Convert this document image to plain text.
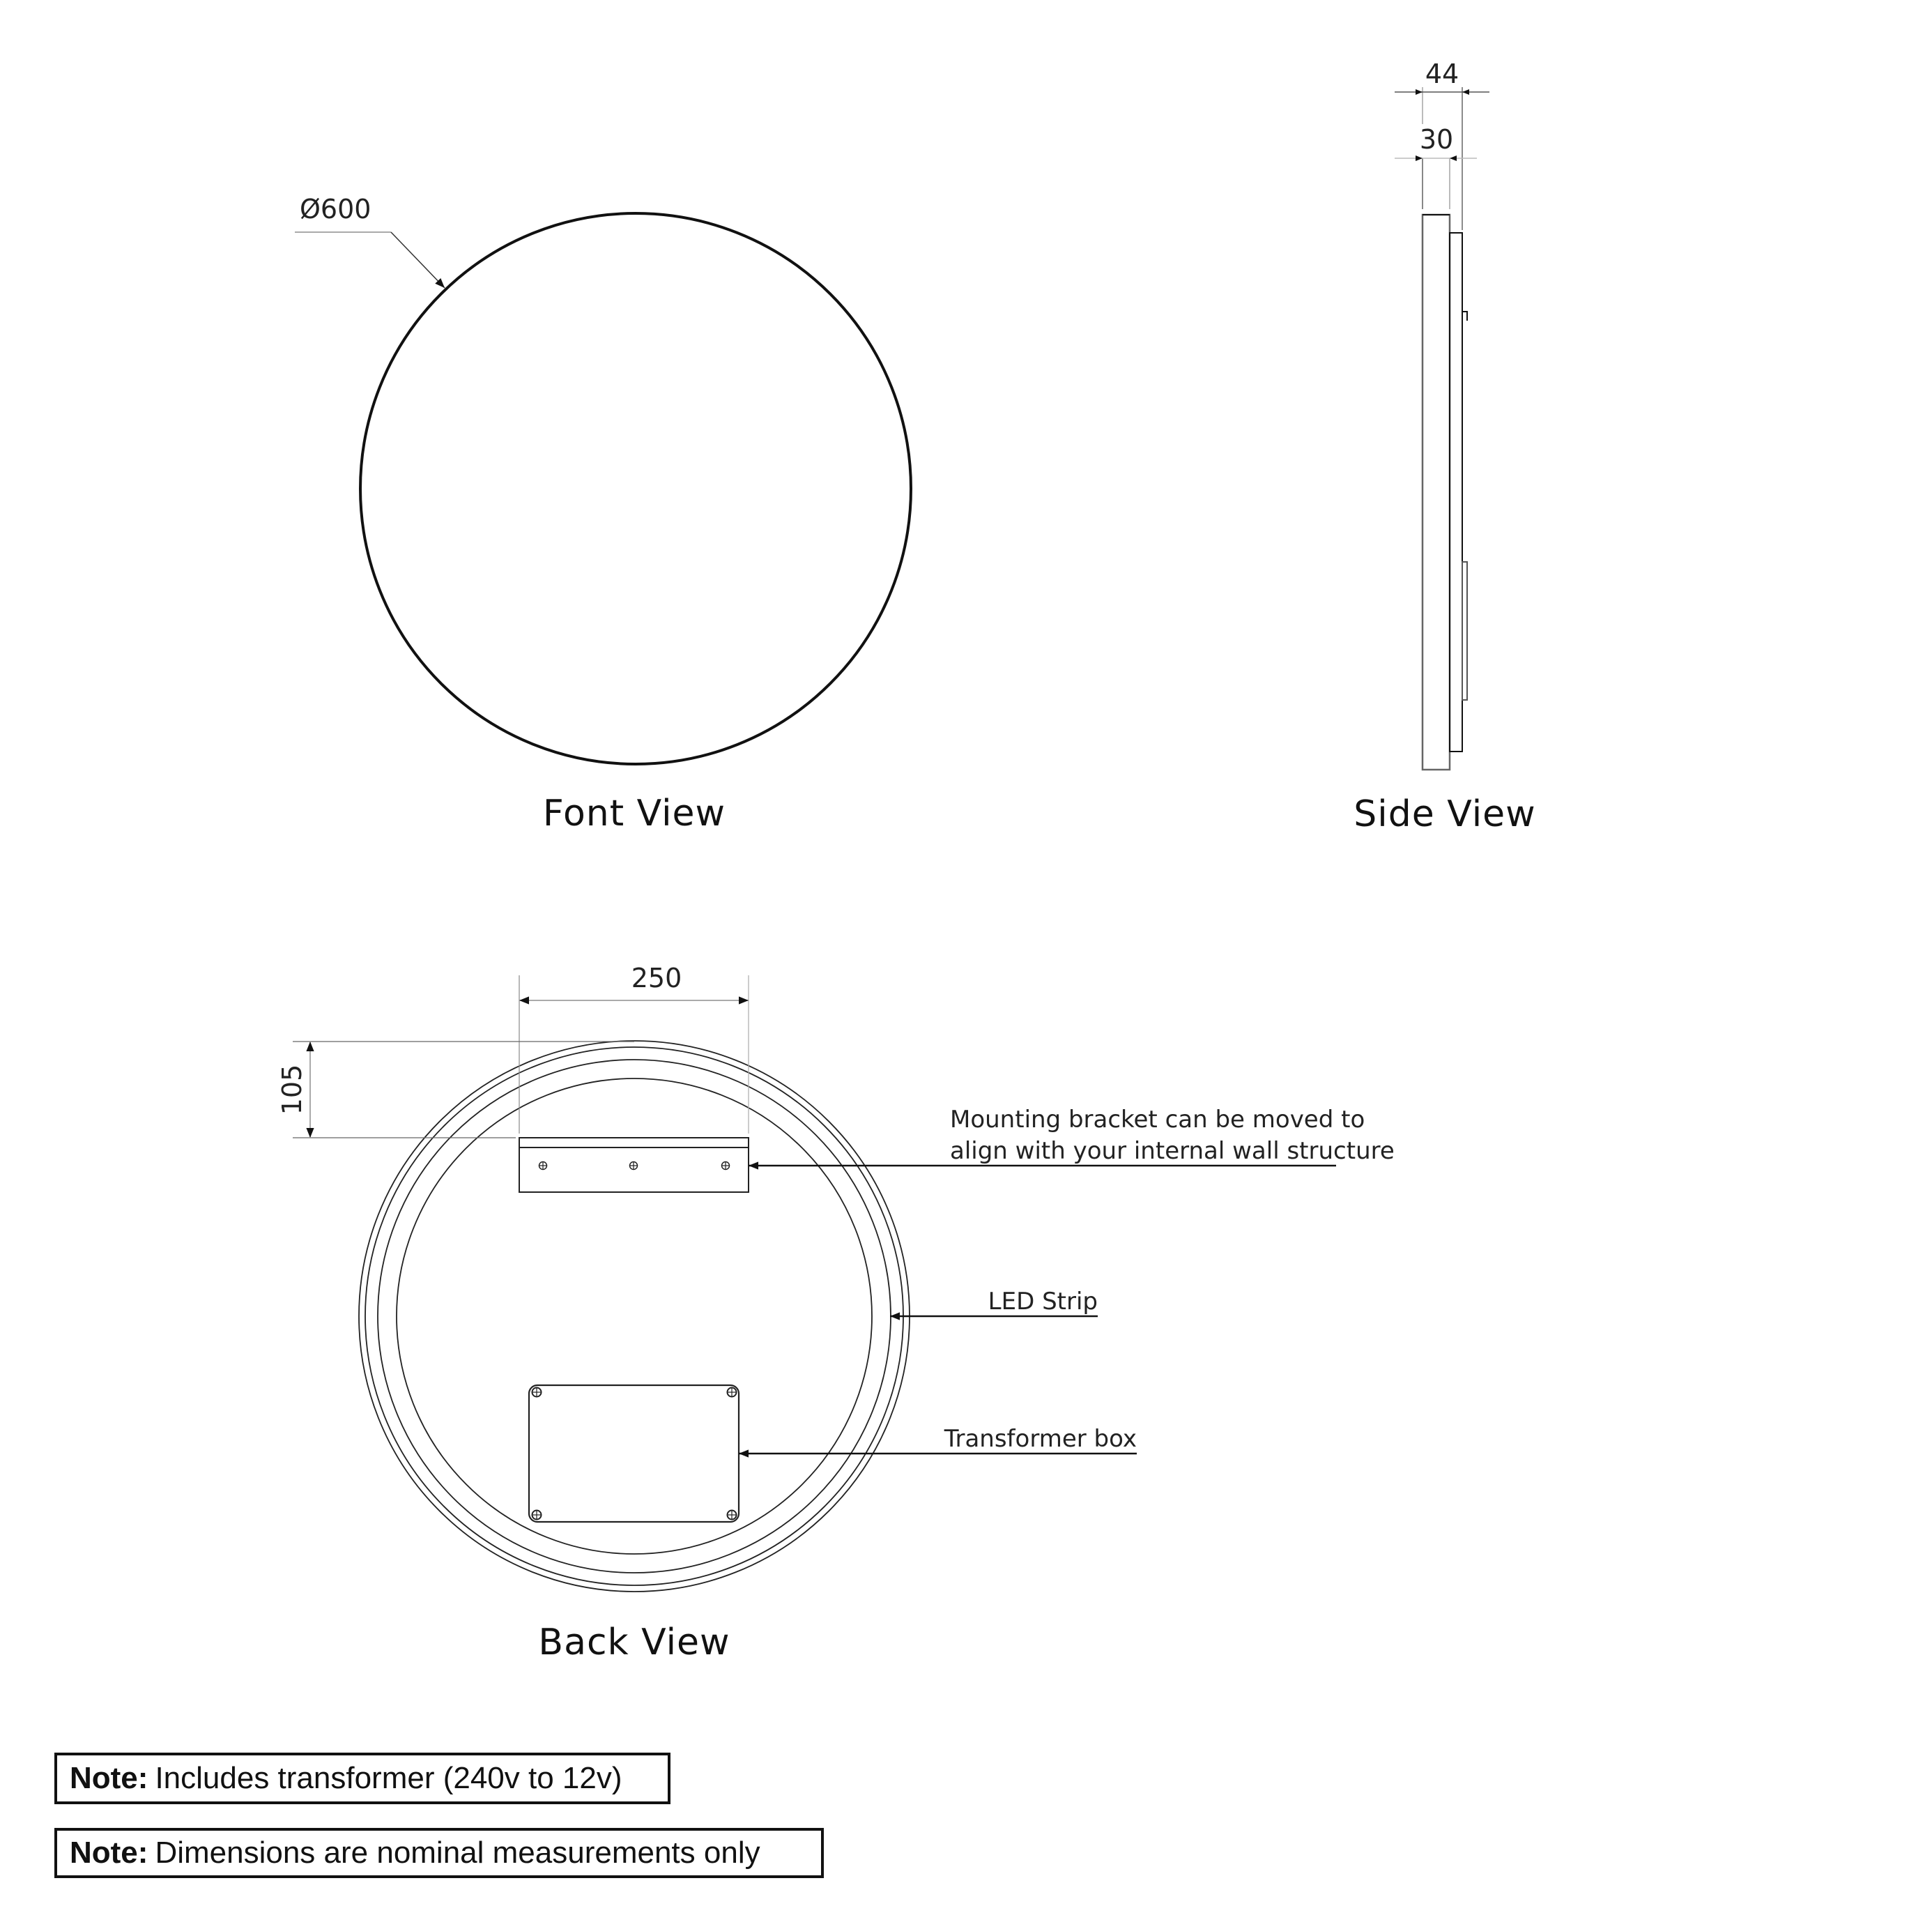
Ø600
Font View
44
30
Side View
250
105
Mounting bracket can be moved to
align with your internal wall structure
LED Strip
Transformer box
Back View
Note: Includes transformer (240v to 12v)
Note: Dimensions are nominal measurements only
